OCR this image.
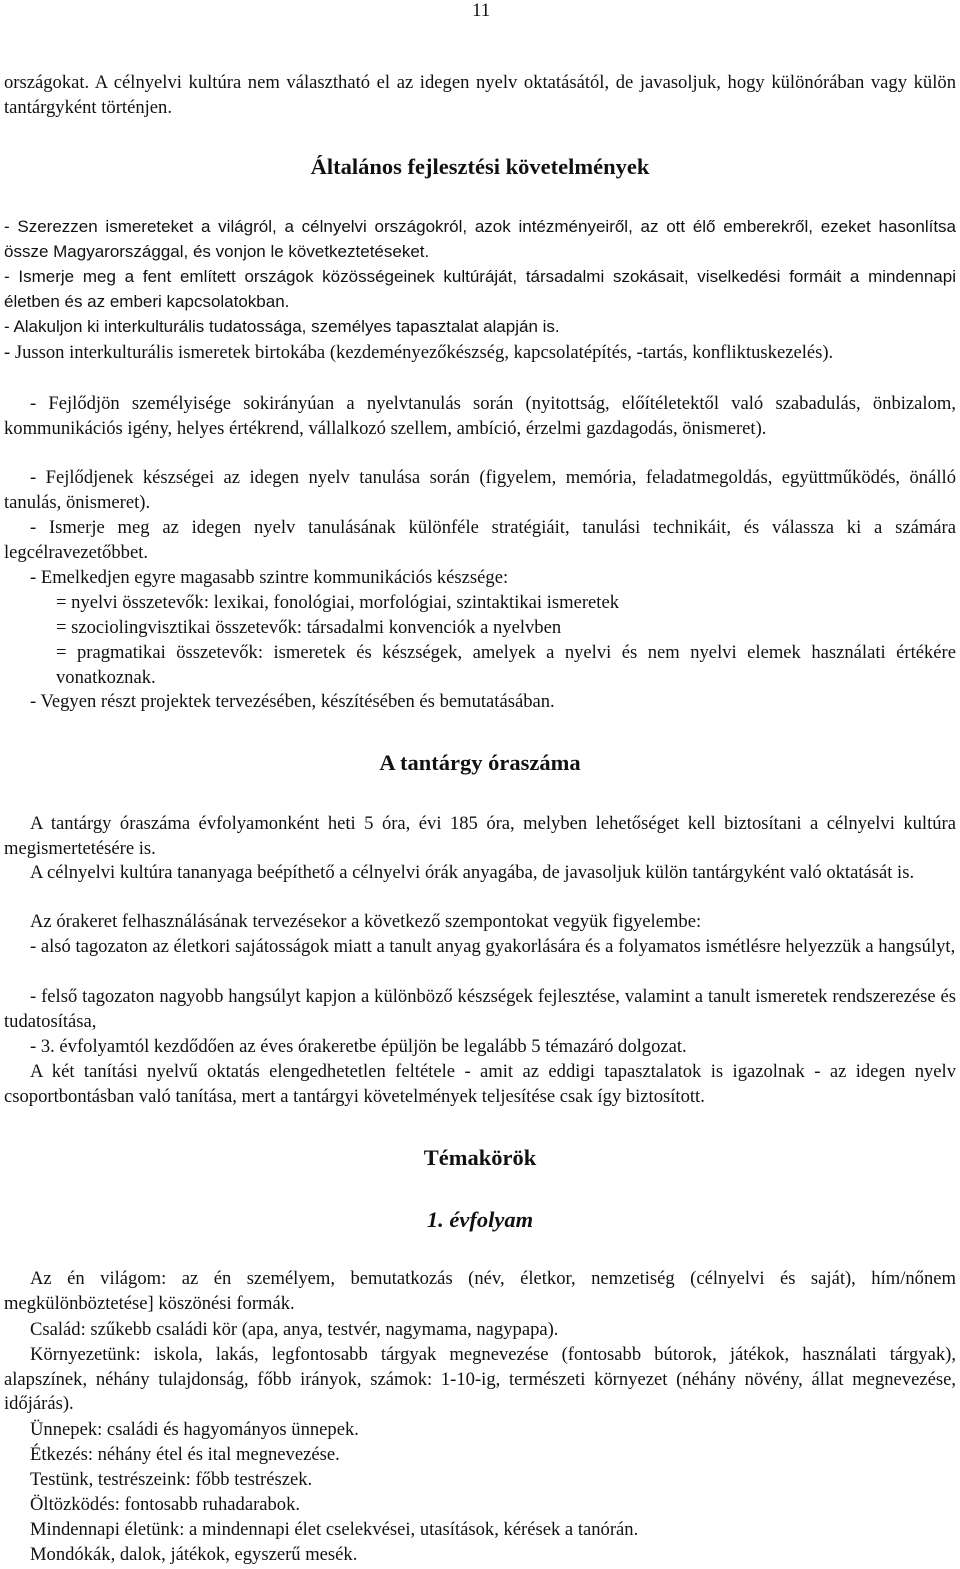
11

országokat. A célnyelvi kultúra nem választható el az idegen nyelv oktatásától, de javasoljuk, hogy különórában vagy külön tantárgyként történjen.

Általános fejlesztési követelmények

- Szerezzen ismereteket a világról, a célnyelvi országokról, azok intézményeiről, az ott élő emberekről, ezeket hasonlítsa össze Magyarországgal, és vonjon le következtetéseket.

- Ismerje meg a fent említett országok közösségeinek kultúráját, társadalmi szokásait, viselkedési formáit a mindennapi életben és az emberi kapcsolatokban.

- Alakuljon ki interkulturális tudatossága, személyes tapasztalat alapján is.

- Jusson interkulturális ismeretek birtokába (kezdeményezőkészség, kapcsolatépítés, -tartás, konfliktuskezelés).

- Fejlődjön személyisége sokirányúan a nyelvtanulás során (nyitottság, előítéletektől való szabadulás, önbizalom, kommunikációs igény, helyes értékrend, vállalkozó szellem, ambíció, érzelmi gazdagodás, önismeret).

- Fejlődjenek készségei az idegen nyelv tanulása során (figyelem, memória, feladatmegoldás, együttműködés, önálló tanulás, önismeret).

- Ismerje meg az idegen nyelv tanulásának különféle stratégiáit, tanulási technikáit, és válassza ki a számára legcélravezetőbbet.

- Emelkedjen egyre magasabb szintre kommunikációs készsége:

= nyelvi összetevők: lexikai, fonológiai, morfológiai, szintaktikai ismeretek

= szociolingvisztikai összetevők: társadalmi konvenciók a nyelvben

= pragmatikai összetevők: ismeretek és készségek, amelyek a nyelvi és nem nyelvi elemek használati értékére vonatkoznak.

- Vegyen részt projektek tervezésében, készítésében és bemutatásában.

A tantárgy óraszáma

A tantárgy óraszáma évfolyamonként heti 5 óra, évi 185 óra, melyben lehetőséget kell biztosítani a célnyelvi kultúra megismertetésére is.

A célnyelvi kultúra tananyaga beépíthető a célnyelvi órák anyagába, de javasoljuk külön tantárgyként való oktatását is.

Az órakeret felhasználásának tervezésekor a következő szempontokat vegyük figyelembe:

- alsó tagozaton az életkori sajátosságok miatt a tanult anyag gyakorlására és a folyamatos ismétlésre helyezzük a hangsúlyt,

- felső tagozaton nagyobb hangsúlyt kapjon a különböző készségek fejlesztése, valamint a tanult ismeretek rendszerezése és tudatosítása,

- 3. évfolyamtól kezdődően az éves órakeretbe épüljön be legalább 5 témazáró dolgozat.

A két tanítási nyelvű oktatás elengedhetetlen feltétele - amit az eddigi tapasztalatok is igazolnak - az idegen nyelv csoportbontásban való tanítása, mert a tantárgyi követelmények teljesítése csak így biztosított.

Témakörök
1. évfolyam

Az én világom: az én személyem, bemutatkozás (név, életkor, nemzetiség (célnyelvi és saját), hím/nőnem megkülönböztetése] köszönési formák.

Család: szűkebb családi kör (apa, anya, testvér, nagymama, nagypapa).

Környezetünk: iskola, lakás, legfontosabb tárgyak megnevezése (fontosabb bútorok, játékok, használati tárgyak), alapszínek, néhány tulajdonság, főbb irányok, számok: 1-10-ig, természeti környezet (néhány növény, állat megnevezése, időjárás).

Ünnepek: családi és hagyományos ünnepek.

Étkezés: néhány étel és ital megnevezése.

Testünk, testrészeink: főbb testrészek.

Öltözködés: fontosabb ruhadarabok.

Mindennapi életünk: a mindennapi élet cselekvései, utasítások, kérések a tanórán.

Mondókák, dalok, játékok, egyszerű mesék.
